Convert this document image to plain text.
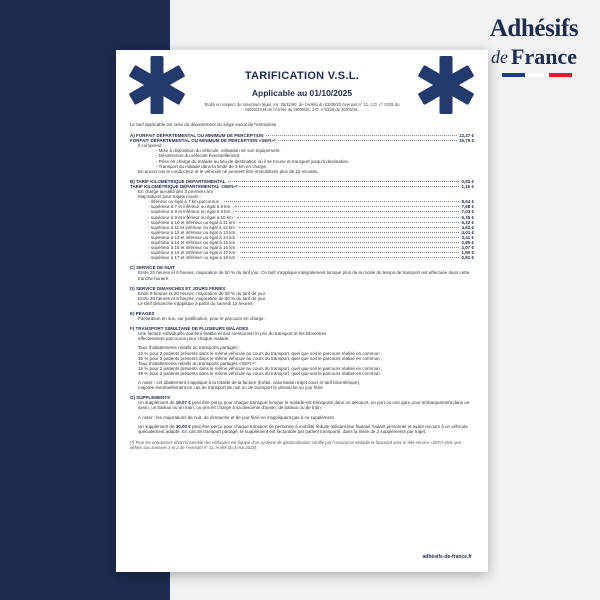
Adhésifs
de France
TARIFICATION V.S.L.
Applicable au 01/10/2025
Établi en respect du maximum légal, Arr. 25/11/99, de l'Arrêté du 03/05/23 Avenant n° 11, J.O. n° 0105 du 06/05/23 et de l'Arrêté du 29/09/25, J.O. n°0228 du 30/09/25.
Le tarif applicable est celui du département du siège social de l'entreprise.
A) FORFAIT DÉPARTEMENTAL OU MINIMUM DE PERCEPTION	12,47 €
FORFAIT DÉPARTEMENTAL OU MINIMUM DE PERCEPTION «SEFI»*	15,75 €
Il comprend :
- Mise à disposition du véhicule, utilisation de son équipement.
- Désinfection du véhicule éventuellement.
- Prise en charge du malade au lieu de destination où il se trouve et transport jusqu'à destination.
- Transport du malade dans la limite de 3 km en charge.
En aucun cas le conducteur et le véhicule ne peuvent être immobilisés plus de 15 minutes.
B) TARIF KILOMÉTRIQUE DÉPARTEMENTAL	0,93 €
TARIF KILOMÉTRIQUE DÉPARTEMENTAL «SEFI»*	1,10 €
En charge au-delà des 3 premiers km
Majorations pour trajets courts :
- inférieur ou égal à 7 km parcourus :	8,54 €
- supérieur à 7 et inférieur ou égal à 8 km :	7,68 €
- supérieur à 8 et inférieur ou égal à 9 km :	7,03 €
- supérieur à 9 et inférieur ou égal à 10 km :	6,35 €
- supérieur à 10 et inférieur ou égal à 11 km :	5,22 €
- supérieur à 11 et inférieur ou égal à 12 km :	4,62 €
- supérieur à 12 et inférieur ou égal à 13 km :	4,01 €
- supérieur à 13 et inférieur ou égal à 14 km :	3,41 €
- supérieur à 14 et inférieur ou égal à 15 km :	2,80 €
- supérieur à 15 et inférieur ou égal à 16 km :	2,07 €
- supérieur à 16 et inférieur ou égal à 17 km :	1,50 €
- supérieur à 17 et inférieur ou égal à 18 km :	0,91 €
C) SERVICE DE NUIT
Entre 20 heures et 8 heures, majoration de 50 % du tarif jour. Ce tarif s'applique intégralement lorsque plus de la moitié du temps de transport est effectuée dans cette tranche horaire.
D) SERVICE DIMANCHES ET JOURS FÉRIÉS
Entre 8 heures et 20 heures, majoration de 25 % du tarif de jour.
Entre 20 heures et 8 heures, majoration de 50 % du tarif de jour.
Le tarif dimanche s'applique à partir du samedi 12 heures.
E) PÉAGES
Facturation en sus, sur justification, pour le parcours en charge.
F) TRANSPORT SIMULTANÉ DE PLUSIEURS MALADES
Une facture individuelle doit être établie et doit mentionner le prix du transport et les kilomètres
effectivement parcourus pour chaque malade.
Taux d'abattements relatifs au transports partagés :
23 % pour 2 patients présents dans le même véhicule au cours du transport, quel que soit le parcours réalisé en commun ;
35 % pour 3 patients présents dans le même véhicule au cours du transport, quel que soit le parcours réalisé en commun ;
Taux d'abattements relatifs au transports partagés «SEFI»* :
15 % pour 2 patients présents dans le même véhicule au cours du transport, quel que soit le parcours réalisé en commun ;
39 % pour 3 patients présents dans le même véhicule au cours du transport, quel que soit le parcours réalisé en commun.
À noter : cet abattement s'applique à la totalité de la facture (forfait, valorisation trajet court et tarif kilométrique),
majorée éventuellement en cas de transport de nuit ou de transport le dimanche ou jour férié.
G) SUPPLÉMENTS
Un supplément de 19,07 € peut être perçu pour chaque transport lorsque le malade est transporté dans un aéroport, un port ou une gare pour embarquement dans un avion, un bateau ou un train, ou pris en charge à sa descente d'avion, de bateau ou de train.
À noter : les majorations de nuit, de dimanche et de jour férié ne s'appliquent pas à ce supplément.
Un supplément de 30,00 € peut être perçu pour chaque transport de personne à mobilité réduite utilisant leur fauteuil roulant personnel et ayant recours à un véhicule spécialement adapté. En cas de transport partagé, le supplément est facturable par patient transporté, dans la limite de 2 suppléments par trajet.
(*) Pour les entreprises dont l'ensemble des véhicules est équipé d'un système de géolocalisation certifié par l'Assurance Maladie et facturant avec le télé-service «SEFi» (tels que définis aux annexes 1 et 2 de l'Avenant n° 11, Arrêté du 3 mai 2023).
adhésifs-de-france.fr
